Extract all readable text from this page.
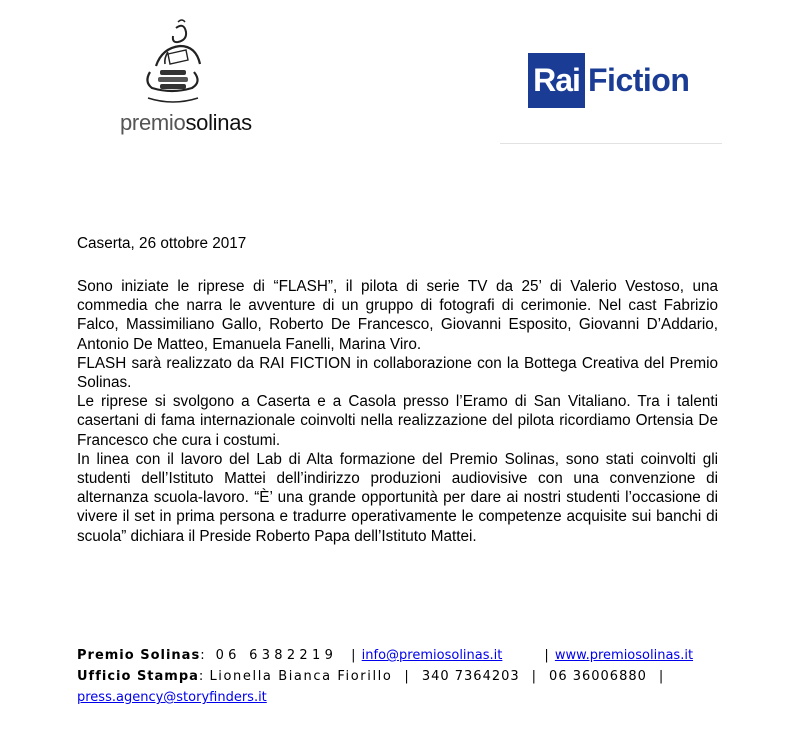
premiosolinas
Rai Fiction
Caserta, 26 ottobre 2017

Sono iniziate le riprese di “FLASH”, il pilota di serie TV da 25’ di Valerio Vestoso, una commedia che narra le avventure di un gruppo di fotografi di cerimonie. Nel cast Fabrizio Falco, Massimiliano Gallo, Roberto De Francesco, Giovanni Esposito, Giovanni D’Addario, Antonio De Matteo, Emanuela Fanelli, Marina Viro.

FLASH sarà realizzato da RAI FICTION in collaborazione con la Bottega Creativa del Premio Solinas.

Le riprese si svolgono a Caserta e a Casola presso l’Eramo di San Vitaliano. Tra i talenti casertani di fama internazionale coinvolti nella realizzazione del pilota ricordiamo Ortensia De Francesco che cura i costumi.

In linea con il lavoro del Lab di Alta formazione del Premio Solinas, sono stati coinvolti gli studenti dell’Istituto Mattei dell’indirizzo produzioni audiovisive con una convenzione di alternanza scuola-lavoro. “È’ una grande opportunità per dare ai nostri studenti l’occasione di vivere il set in prima persona e tradurre operativamente le competenze acquisite sui banchi di scuola” dichiara il Preside Roberto Papa dell’Istituto Mattei.

Premio Solinas: 06 6382219 | info@premiosolinas.it	| www.premiosolinas.it
Ufficio Stampa: Lionella Bianca Fiorillo | 340 7364203 | 06 36006880 |
press.agency@storyfinders.it
